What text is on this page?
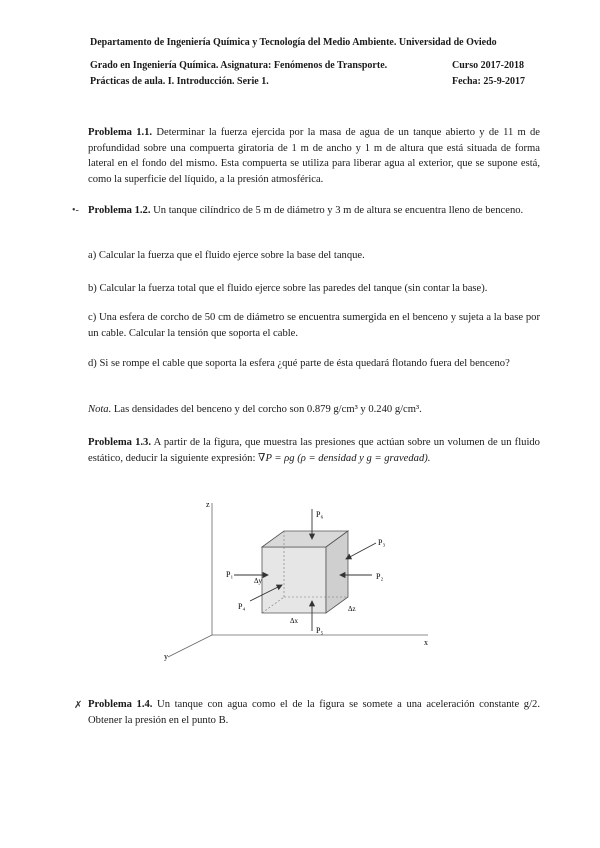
Departamento de Ingeniería Química y Tecnología del Medio Ambiente. Universidad de Oviedo
Grado en Ingeniería Química. Asignatura: Fenómenos de Transporte.	Curso 2017-2018
Prácticas de aula. I. Introducción. Serie 1.	Fecha: 25-9-2017
Problema 1.1. Determinar la fuerza ejercida por la masa de agua de un tanque abierto y de 11 m de profundidad sobre una compuerta giratoria de 1 m de ancho y 1 m de altura que está situada de forma lateral en el fondo del mismo. Esta compuerta se utiliza para liberar agua al exterior, que se supone está, como la superficie del líquido, a la presión atmosférica.
•- Problema 1.2. Un tanque cilíndrico de 5 m de diámetro y 3 m de altura se encuentra lleno de benceno.
a) Calcular la fuerza que el fluido ejerce sobre la base del tanque.
b) Calcular la fuerza total que el fluido ejerce sobre las paredes del tanque (sin contar la base).
c) Una esfera de corcho de 50 cm de diámetro se encuentra sumergida en el benceno y sujeta a la base por un cable. Calcular la tensión que soporta el cable.
d) Si se rompe el cable que soporta la esfera ¿qué parte de ésta quedará flotando fuera del benceno?
Nota. Las densidades del benceno y del corcho son 0.879 g/cm³ y 0.240 g/cm³.
Problema 1.3. A partir de la figura, que muestra las presiones que actúan sobre un volumen de un fluido estático, deducir la siguiente expresión: ∇P = ρg (ρ = densidad y g = gravedad).
z
x
y
P₆
P₅
P₁	P₂
P₃
P₄
Δx
Δy
Δz
✗ Problema 1.4. Un tanque con agua como el de la figura se somete a una aceleración constante g/2. Obtener la presión en el punto B.
